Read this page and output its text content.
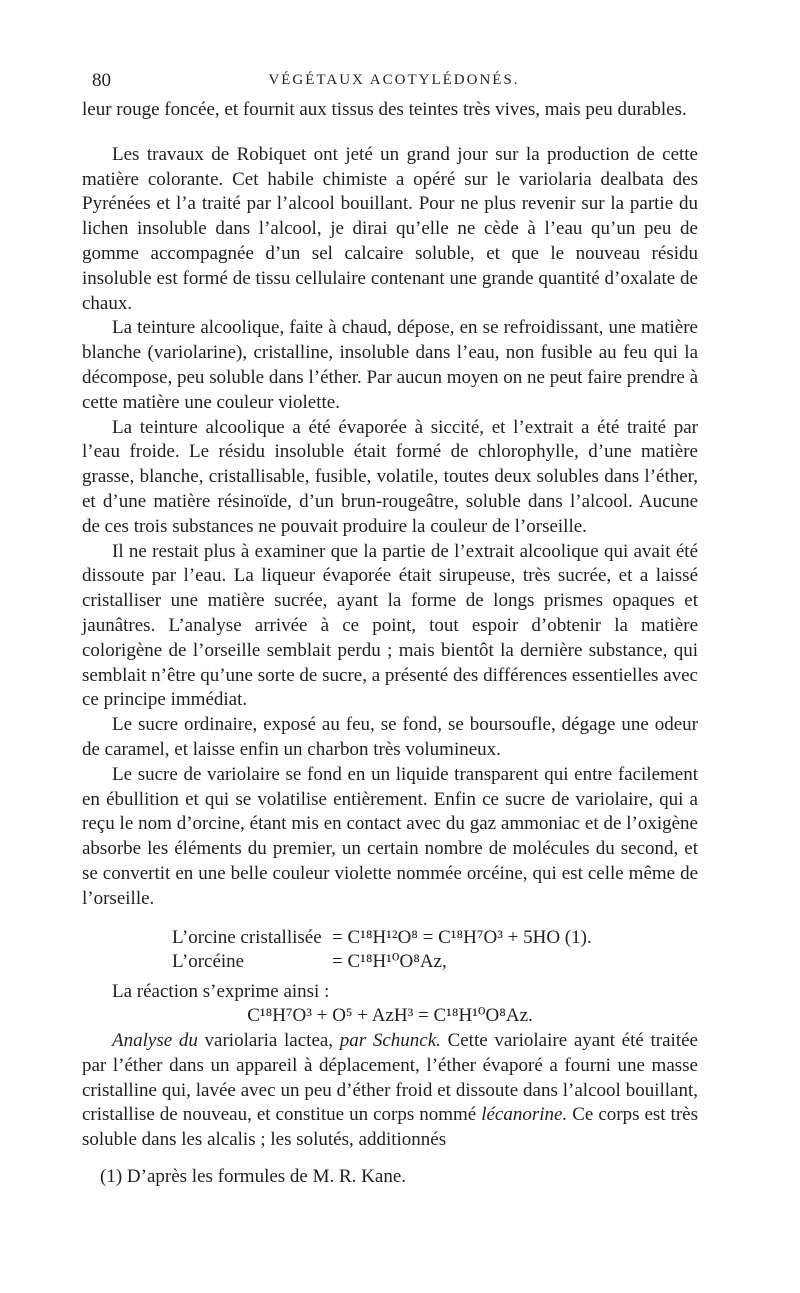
80	VÉGÉTAUX ACOTYLÉDONÉS.

leur rouge foncée, et fournit aux tissus des teintes très vives, mais peu durables.

Les travaux de Robiquet ont jeté un grand jour sur la production de cette matière colorante. Cet habile chimiste a opéré sur le variolaria dealbata des Pyrénées et l’a traité par l’alcool bouillant. Pour ne plus revenir sur la partie du lichen insoluble dans l’alcool, je dirai qu’elle ne cède à l’eau qu’un peu de gomme accompagnée d’un sel calcaire soluble, et que le nouveau résidu insoluble est formé de tissu cellulaire contenant une grande quantité d’oxalate de chaux.

La teinture alcoolique, faite à chaud, dépose, en se refroidissant, une matière blanche (variolarine), cristalline, insoluble dans l’eau, non fusible au feu qui la décompose, peu soluble dans l’éther. Par aucun moyen on ne peut faire prendre à cette matière une couleur violette.

La teinture alcoolique a été évaporée à siccité, et l’extrait a été traité par l’eau froide. Le résidu insoluble était formé de chlorophylle, d’une matière grasse, blanche, cristallisable, fusible, volatile, toutes deux solubles dans l’éther, et d’une matière résinoïde, d’un brun-rougeâtre, soluble dans l’alcool. Aucune de ces trois substances ne pouvait produire la couleur de l’orseille.

Il ne restait plus à examiner que la partie de l’extrait alcoolique qui avait été dissoute par l’eau. La liqueur évaporée était sirupeuse, très sucrée, et a laissé cristalliser une matière sucrée, ayant la forme de longs prismes opaques et jaunâtres. L’analyse arrivée à ce point, tout espoir d’obtenir la matière colorigène de l’orseille semblait perdu ; mais bientôt la dernière substance, qui semblait n’être qu’une sorte de sucre, a présenté des différences essentielles avec ce principe immédiat.

Le sucre ordinaire, exposé au feu, se fond, se boursoufle, dégage une odeur de caramel, et laisse enfin un charbon très volumineux.

Le sucre de variolaire se fond en un liquide transparent qui entre facilement en ébullition et qui se volatilise entièrement. Enfin ce sucre de variolaire, qui a reçu le nom d’orcine, étant mis en contact avec du gaz ammoniac et de l’oxigène absorbe les éléments du premier, un certain nombre de molécules du second, et se convertit en une belle couleur violette nommée orcéine, qui est celle même de l’orseille.

L’orcine cristallisée = C¹⁸H¹²O⁸ = C¹⁸H⁷O³ + 5HO (1).
L’orcéine	= C¹⁸H¹⁰O⁸Az,

La réaction s’exprime ainsi :

C¹⁸H⁷O³ + O⁵ + AzH³ = C¹⁸H¹⁰O⁸Az.

Analyse du variolaria lactea, par Schunck. Cette variolaire ayant été traitée par l’éther dans un appareil à déplacement, l’éther évaporé a fourni une masse cristalline qui, lavée avec un peu d’éther froid et dissoute dans l’alcool bouillant, cristallise de nouveau, et constitue un corps nommé lécanorine. Ce corps est très soluble dans les alcalis ; les solutés, additionnés

(1) D’après les formules de M. R. Kane.
